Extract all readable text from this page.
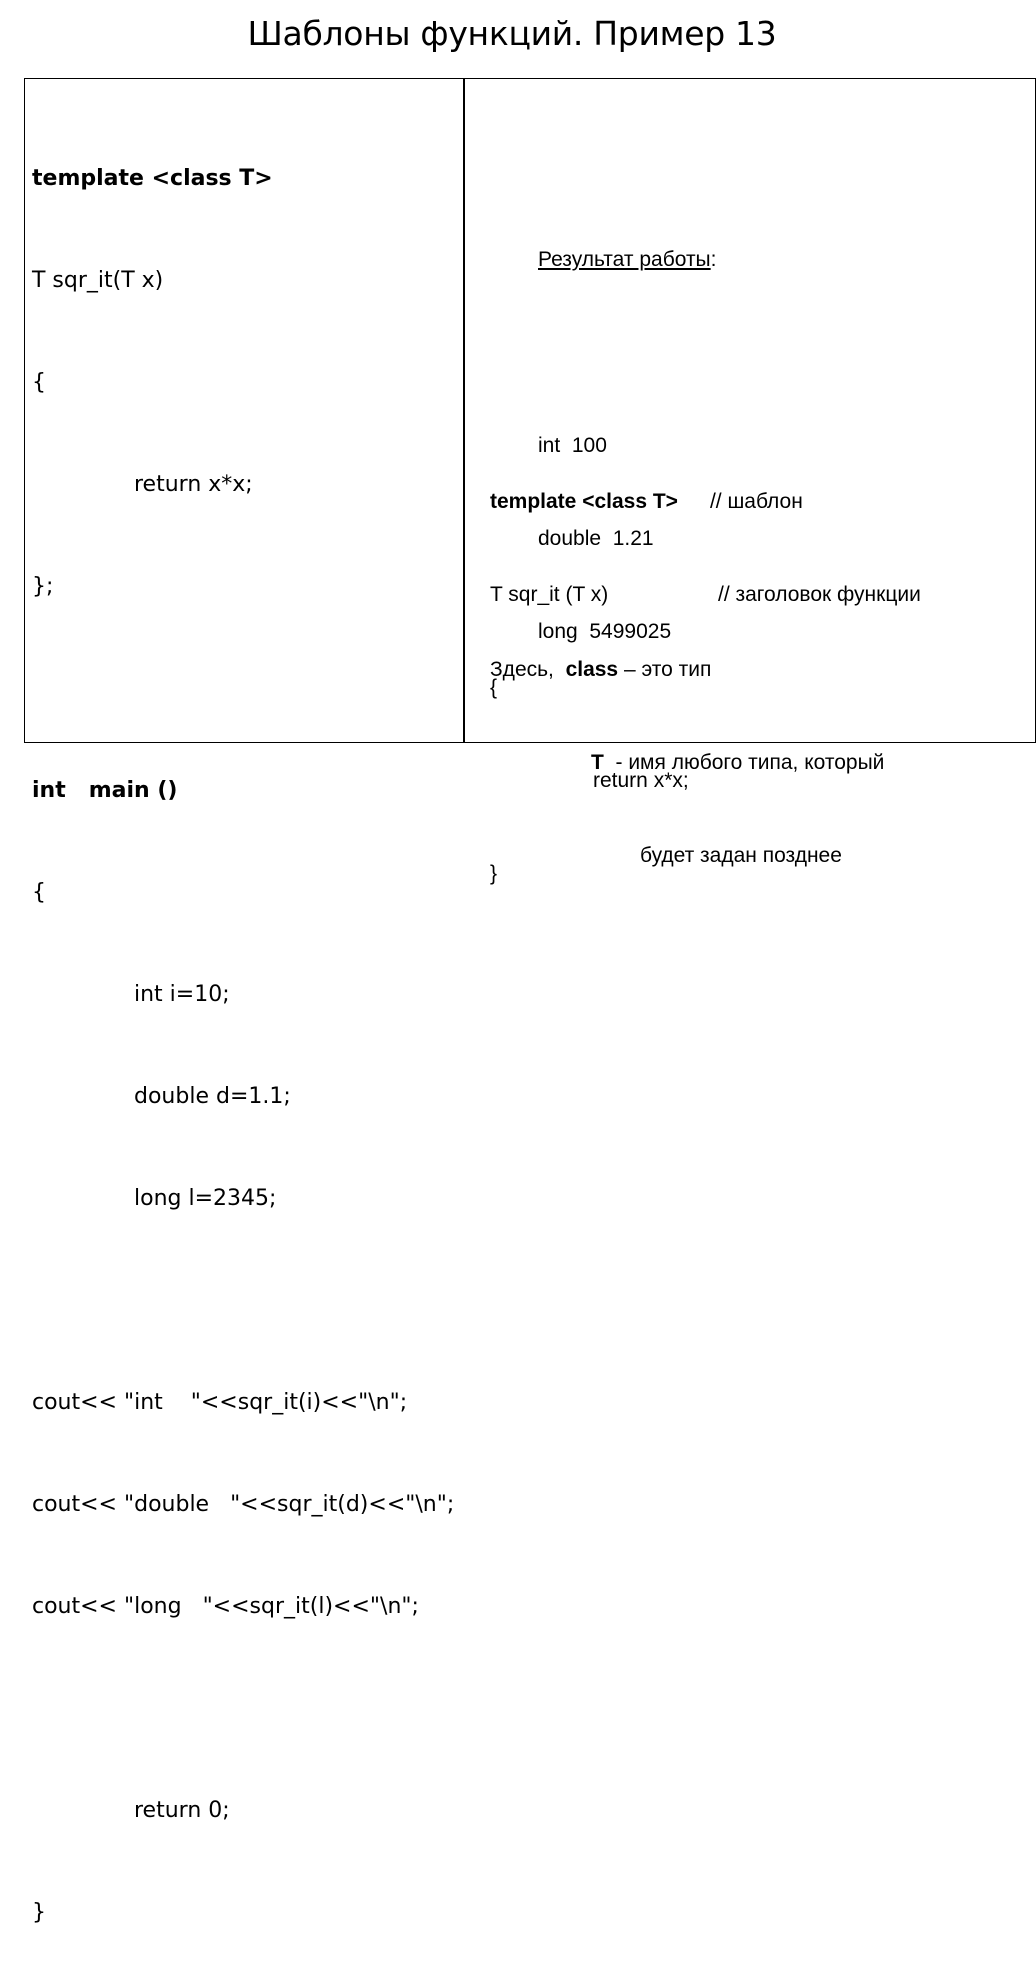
Шаблоны функций. Пример 13

template <class T>

T sqr_it(T x)

{

return x*x;

};

int   main ()

{

int i=10;

double d=1.1;

long l=2345;

cout<< "int    "<<sqr_it(i)<<"\n";

cout<< "double   "<<sqr_it(d)<<"\n";

cout<< "long   "<<sqr_it(l)<<"\n";

return 0;

}

Результат работы:

int  100

double  1.21

long  5499025

template <class T> // шаблон

T sqr_it (T x)	// заголовок функции

{

return x*x;

}

Здесь,  class – это тип

T  - имя любого типа, который

будет задан позднее
